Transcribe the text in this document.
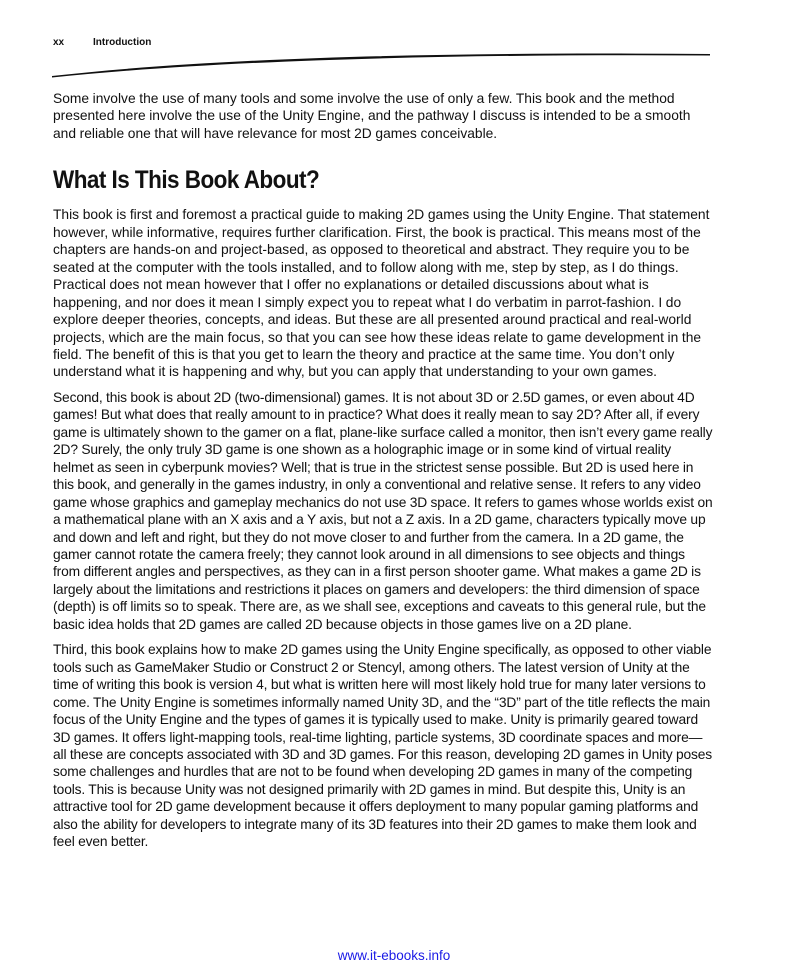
xx	Introduction

Some involve the use of many tools and some involve the use of only a few. This book and the method presented here involve the use of the Unity Engine, and the pathway I discuss is intended to be a smooth and reliable one that will have relevance for most 2D games conceivable.

What Is This Book About?

This book is first and foremost a practical guide to making 2D games using the Unity Engine. That statement however, while informative, requires further clarification. First, the book is practical. This means most of the chapters are hands-on and project-based, as opposed to theoretical and abstract. They require you to be seated at the computer with the tools installed, and to follow along with me, step by step, as I do things. Practical does not mean however that I offer no explanations or detailed discussions about what is happening, and nor does it mean I simply expect you to repeat what I do verbatim in parrot-fashion. I do explore deeper theories, concepts, and ideas. But these are all presented around practical and real-world projects, which are the main focus, so that you can see how these ideas relate to game development in the field. The benefit of this is that you get to learn the theory and practice at the same time. You don’t only understand what it is happening and why, but you can apply that understanding to your own games.

Second, this book is about 2D (two-dimensional) games. It is not about 3D or 2.5D games, or even about 4D games! But what does that really amount to in practice? What does it really mean to say 2D? After all, if every game is ultimately shown to the gamer on a flat, plane-like surface called a monitor, then isn’t every game really 2D? Surely, the only truly 3D game is one shown as a holographic image or in some kind of virtual reality helmet as seen in cyberpunk movies? Well; that is true in the strictest sense possible. But 2D is used here in this book, and generally in the games industry, in only a conventional and relative sense. It refers to any video game whose graphics and gameplay mechanics do not use 3D space. It refers to games whose worlds exist on a mathematical plane with an X axis and a Y axis, but not a Z axis. In a 2D game, characters typically move up and down and left and right, but they do not move closer to and further from the camera. In a 2D game, the gamer cannot rotate the camera freely; they cannot look around in all dimensions to see objects and things from different angles and perspectives, as they can in a first person shooter game. What makes a game 2D is largely about the limitations and restrictions it places on gamers and developers: the third dimension of space (depth) is off limits so to speak. There are, as we shall see, exceptions and caveats to this general rule, but the basic idea holds that 2D games are called 2D because objects in those games live on a 2D plane.

Third, this book explains how to make 2D games using the Unity Engine specifically, as opposed to other viable tools such as GameMaker Studio or Construct 2 or Stencyl, among others. The latest version of Unity at the time of writing this book is version 4, but what is written here will most likely hold true for many later versions to come. The Unity Engine is sometimes informally named Unity 3D, and the “3D” part of the title reflects the main focus of the Unity Engine and the types of games it is typically used to make. Unity is primarily geared toward 3D games. It offers light-mapping tools, real-time lighting, particle systems, 3D coordinate spaces and more—all these are concepts associated with 3D and 3D games. For this reason, developing 2D games in Unity poses some challenges and hurdles that are not to be found when developing 2D games in many of the competing tools. This is because Unity was not designed primarily with 2D games in mind. But despite this, Unity is an attractive tool for 2D game development because it offers deployment to many popular gaming platforms and also the ability for developers to integrate many of its 3D features into their 2D games to make them look and feel even better.

www.it-ebooks.info
